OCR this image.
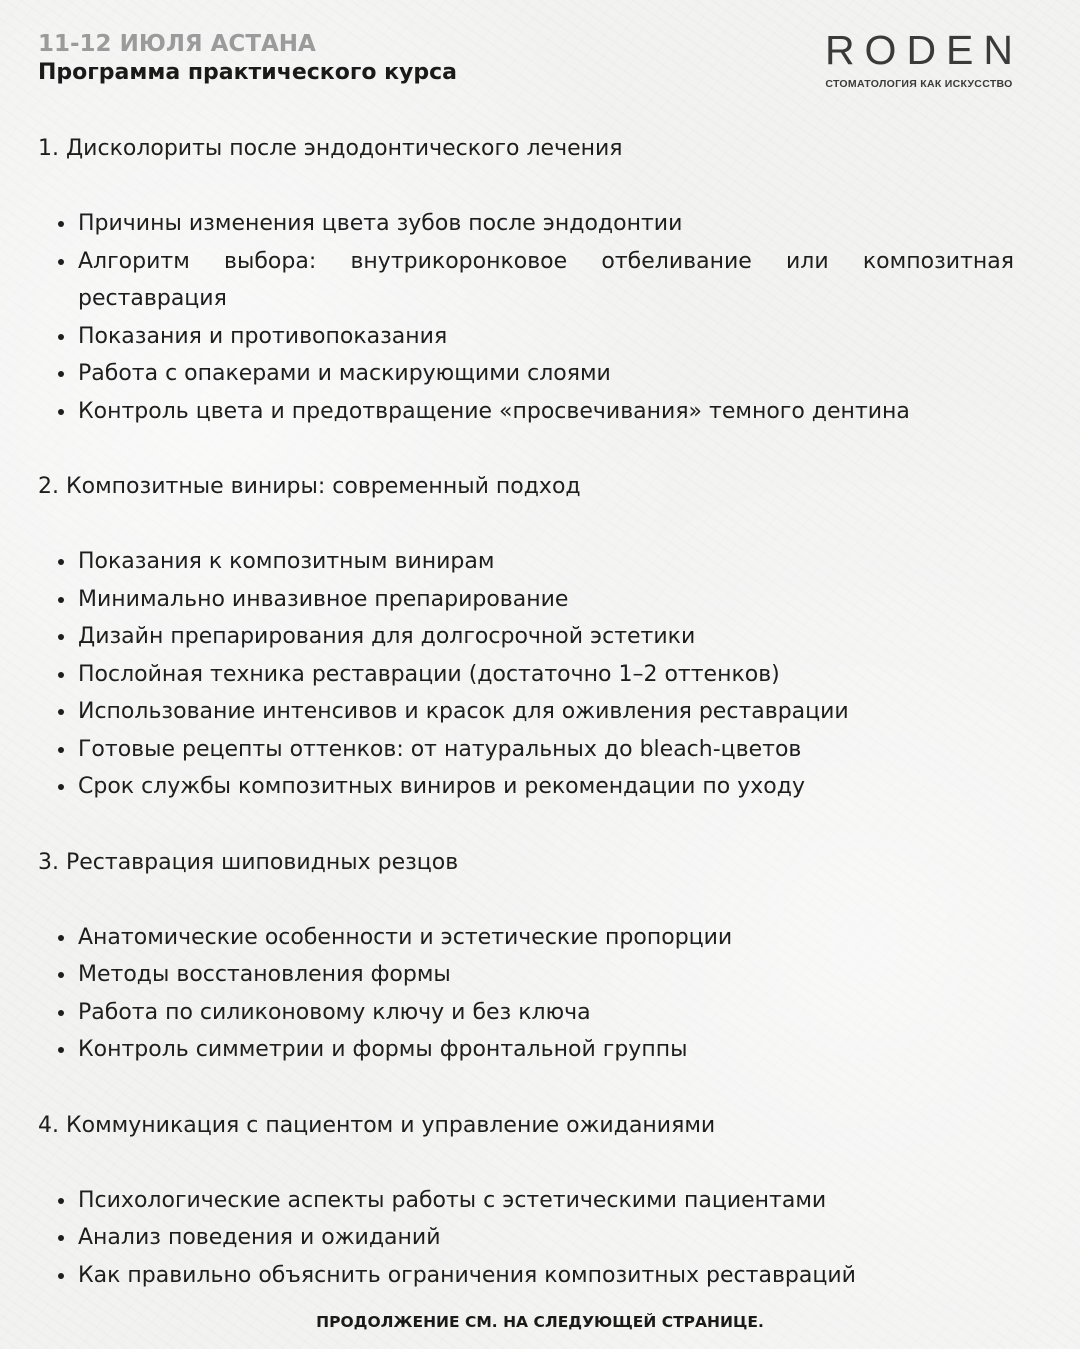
11-12 ИЮЛЯ АСТАНА
Программа практического курса	RODEN
СТОМАТОЛОГИЯ КАК ИСКУССТВО
1. Дисколориты после эндодонтического лечения
Причины изменения цвета зубов после эндодонтии
Алгоритм выбора: внутрикоронковое отбеливание или композитная реставрация
Показания и противопоказания
Работа с опакерами и маскирующими слоями
Контроль цвета и предотвращение «просвечивания» темного дентина
2. Композитные виниры: современный подход
Показания к композитным винирам
Минимально инвазивное препарирование
Дизайн препарирования для долгосрочной эстетики
Послойная техника реставрации (достаточно 1–2 оттенков)
Использование интенсивов и красок для оживления реставрации
Готовые рецепты оттенков: от натуральных до bleach-цветов
Срок службы композитных виниров и рекомендации по уходу
3. Реставрация шиповидных резцов
Анатомические особенности и эстетические пропорции
Методы восстановления формы
Работа по силиконовому ключу и без ключа
Контроль симметрии и формы фронтальной группы
4. Коммуникация с пациентом и управление ожиданиями
Психологические аспекты работы с эстетическими пациентами
Анализ поведения и ожиданий
Как правильно объяснить ограничения композитных реставраций
ПРОДОЛЖЕНИЕ СМ. НА СЛЕДУЮЩЕЙ СТРАНИЦЕ.
